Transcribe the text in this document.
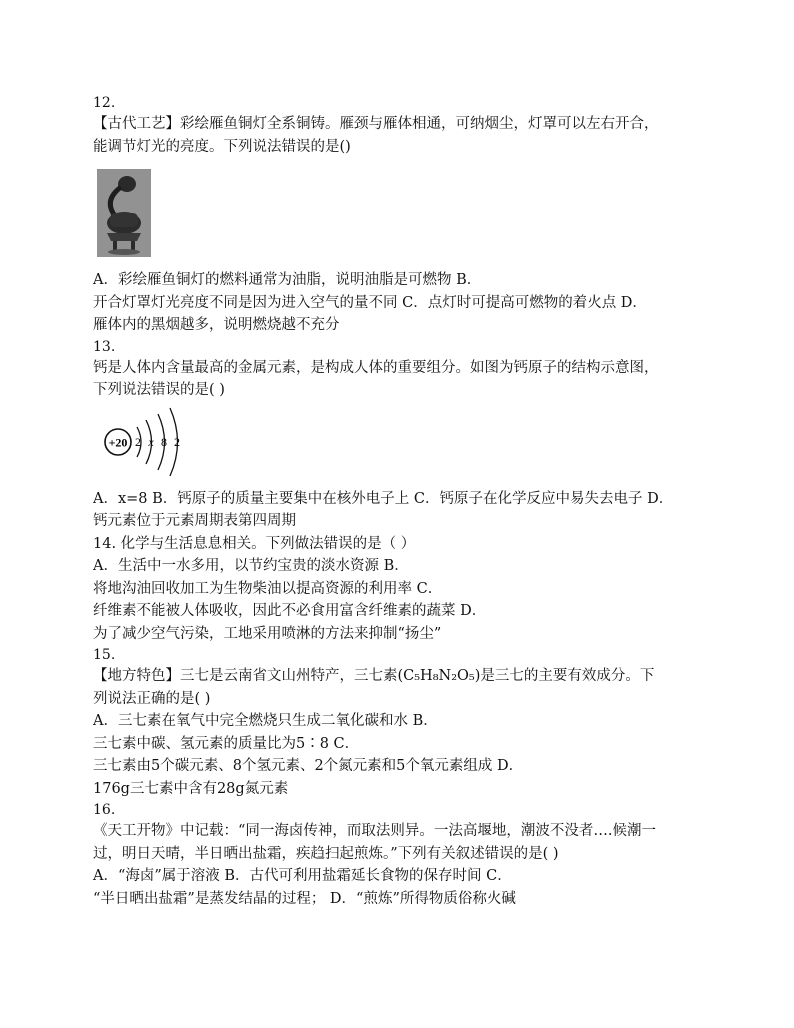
12.
【古代工艺】彩绘雁鱼铜灯全系铜铸。雁颈与雁体相通，可纳烟尘，灯罩可以左右开合，
能调节灯光的亮度。下列说法错误的是()
A．彩绘雁鱼铜灯的燃料通常为油脂，说明油脂是可燃物 B．
开合灯罩灯光亮度不同是因为进入空气的量不同 C．点灯时可提高可燃物的着火点 D．
雁体内的黑烟越多，说明燃烧越不充分
13.
钙是人体内含量最高的金属元素，是构成人体的重要组分。如图为钙原子的结构示意图，
下列说法错误的是( )
+20 2 x 8 2
A．x=8 B．钙原子的质量主要集中在核外电子上 C．钙原子在化学反应中易失去电子 D．
钙元素位于元素周期表第四周期
14. 化学与生活息息相关。下列做法错误的是（ ）
A．生活中一水多用，以节约宝贵的淡水资源 B．
将地沟油回收加工为生物柴油以提高资源的利用率 C．
纤维素不能被人体吸收，因此不必食用富含纤维素的蔬菜 D．
为了减少空气污染，工地采用喷淋的方法来抑制“扬尘”
15.
【地方特色】三七是云南省文山州特产，三七素(C₅H₈N₂O₅)是三七的主要有效成分。下
列说法正确的是( )
A．三七素在氧气中完全燃烧只生成二氧化碳和水 B．
三七素中碳、氢元素的质量比为5∶8 C．
三七素由5个碳元素、8个氢元素、2个氮元素和5个氧元素组成 D．
176g三七素中含有28g氮元素
16.
《天工开物》中记载：“同一海卤传神，而取法则异。一法高堰地，潮波不没者….候潮一
过，明日天晴，半日晒出盐霜，疾趋扫起煎炼。”下列有关叙述错误的是( )
A．“海卤”属于溶液 B．古代可利用盐霜延长食物的保存时间 C．
“半日晒出盐霜”是蒸发结晶的过程； D．“煎炼”所得物质俗称火碱
